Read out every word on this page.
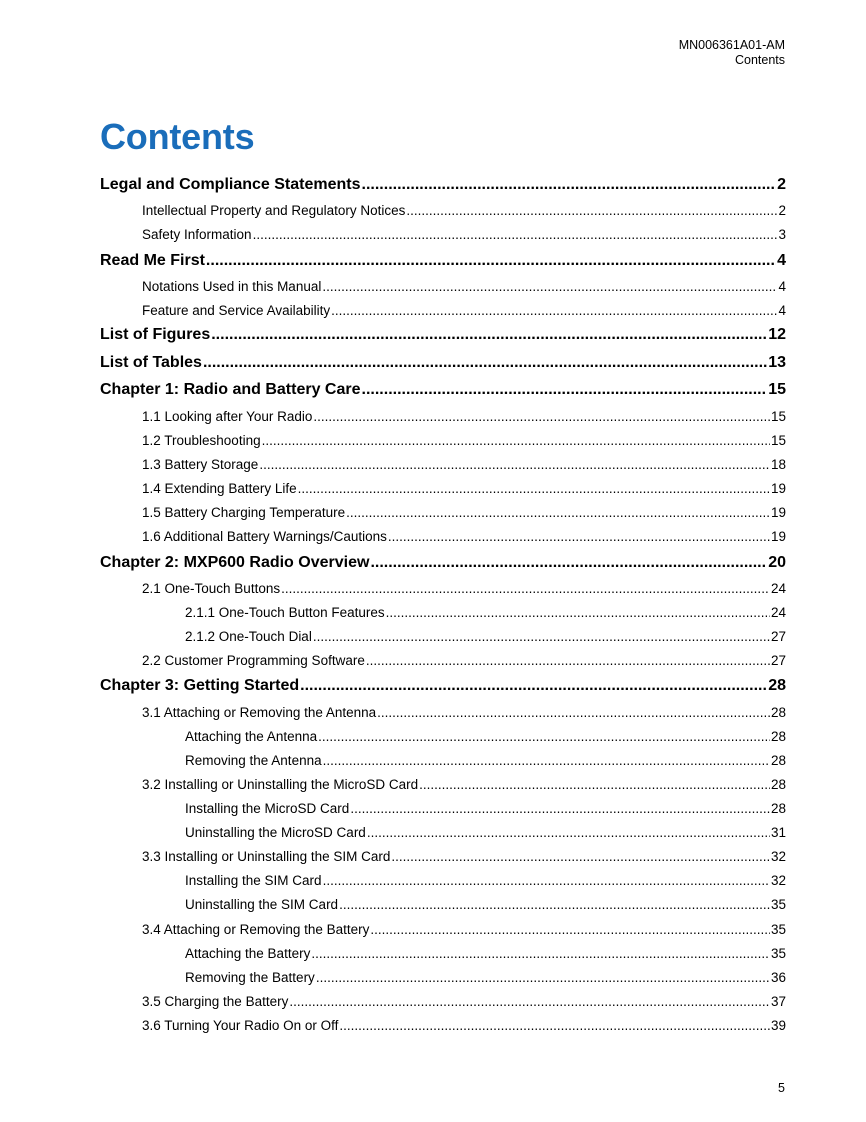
MN006361A01-AM
Contents
Contents
Legal and Compliance Statements .....	2
Intellectual Property and Regulatory Notices .....	2
Safety Information .....	3
Read Me First .....	4
Notations Used in this Manual .....	4
Feature and Service Availability .....	4
List of Figures .....	12
List of Tables .....	13
Chapter 1: Radio and Battery Care .....	15
1.1 Looking after Your Radio .....	15
1.2 Troubleshooting .....	15
1.3 Battery Storage .....	18
1.4 Extending Battery Life .....	19
1.5 Battery Charging Temperature .....	19
1.6 Additional Battery Warnings/Cautions .....	19
Chapter 2: MXP600 Radio Overview .....	20
2.1 One-Touch Buttons .....	24
2.1.1 One-Touch Button Features .....	24
2.1.2 One-Touch Dial .....	27
2.2 Customer Programming Software .....	27
Chapter 3: Getting Started .....	28
3.1 Attaching or Removing the Antenna .....	28
Attaching the Antenna .....	28
Removing the Antenna .....	28
3.2 Installing or Uninstalling the MicroSD Card .....	28
Installing the MicroSD Card .....	28
Uninstalling the MicroSD Card .....	31
3.3 Installing or Uninstalling the SIM Card .....	32
Installing the SIM Card .....	32
Uninstalling the SIM Card .....	35
3.4 Attaching or Removing the Battery .....	35
Attaching the Battery .....	35
Removing the Battery .....	36
3.5 Charging the Battery .....	37
3.6 Turning Your Radio On or Off .....	39
5
